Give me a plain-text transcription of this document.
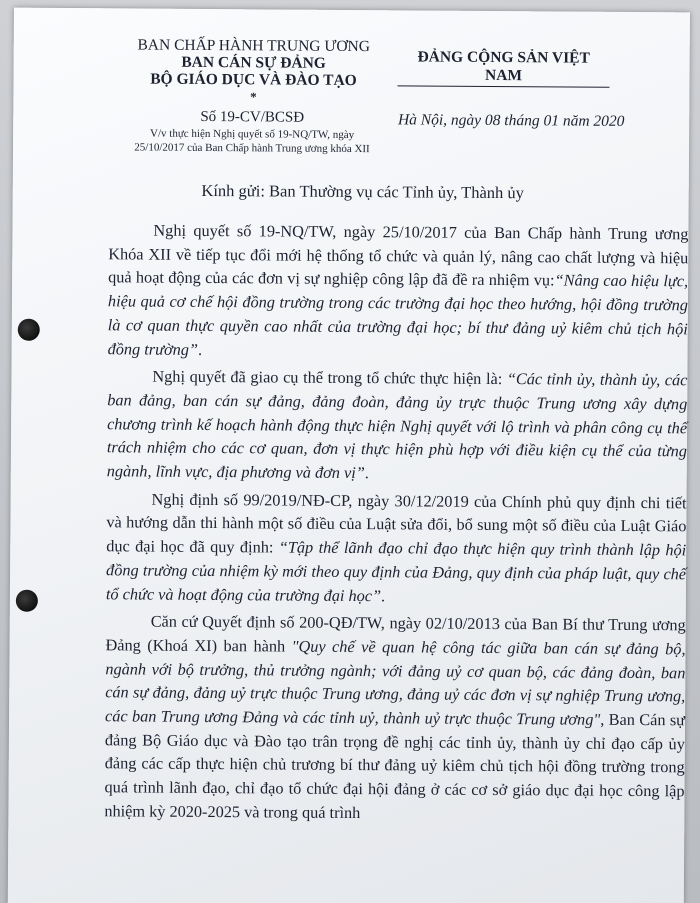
BAN CHẤP HÀNH TRUNG ƯƠNG
BAN CÁN SỰ ĐẢNG
BỘ GIÁO DỤC VÀ ĐÀO TẠO
*
ĐẢNG CỘNG SẢN VIỆT NAM
Số 19-CV/BCSĐ
V/v thực hiện Nghị quyết số 19-NQ/TW, ngày
25/10/2017 của Ban Chấp hành Trung ương khóa XII
Hà Nội, ngày 08 tháng 01 năm 2020
Kính gửi: Ban Thường vụ các Tỉnh ủy, Thành ủy

Nghị quyết số 19-NQ/TW, ngày 25/10/2017 của Ban Chấp hành Trung ương Khóa XII về tiếp tục đổi mới hệ thống tổ chức và quản lý, nâng cao chất lượng và hiệu quả hoạt động của các đơn vị sự nghiệp công lập đã đề ra nhiệm vụ:“Nâng cao hiệu lực, hiệu quả cơ chế hội đồng trường trong các trường đại học theo hướng, hội đồng trường là cơ quan thực quyền cao nhất của trường đại học; bí thư đảng uỷ kiêm chủ tịch hội đồng trường”.

Nghị quyết đã giao cụ thể trong tổ chức thực hiện là: “Các tỉnh ủy, thành ủy, các ban đảng, ban cán sự đảng, đảng đoàn, đảng ủy trực thuộc Trung ương xây dựng chương trình kế hoạch hành động thực hiện Nghị quyết với lộ trình và phân công cụ thể trách nhiệm cho các cơ quan, đơn vị thực hiện phù hợp với điều kiện cụ thể của từng ngành, lĩnh vực, địa phương và đơn vị”.

Nghị định số 99/2019/NĐ-CP, ngày 30/12/2019 của Chính phủ quy định chi tiết và hướng dẫn thi hành một số điều của Luật sửa đổi, bổ sung một số điều của Luật Giáo dục đại học đã quy định: “Tập thể lãnh đạo chỉ đạo thực hiện quy trình thành lập hội đồng trường của nhiệm kỳ mới theo quy định của Đảng, quy định của pháp luật, quy chế tổ chức và hoạt động của trường đại học”.

Căn cứ Quyết định số 200-QĐ/TW, ngày 02/10/2013 của Ban Bí thư Trung ương Đảng (Khoá XI) ban hành "Quy chế về quan hệ công tác giữa ban cán sự đảng bộ, ngành với bộ trưởng, thủ trưởng ngành; với đảng uỷ cơ quan bộ, các đảng đoàn, ban cán sự đảng, đảng uỷ trực thuộc Trung ương, đảng uỷ các đơn vị sự nghiệp Trung ương, các ban Trung ương Đảng và các tỉnh uỷ, thành uỷ trực thuộc Trung ương", Ban Cán sự đảng Bộ Giáo dục và Đào tạo trân trọng đề nghị các tỉnh ủy, thành ủy chỉ đạo cấp ủy đảng các cấp thực hiện chủ trương bí thư đảng uỷ kiêm chủ tịch hội đồng trường trong quá trình lãnh đạo, chỉ đạo tổ chức đại hội đảng ở các cơ sở giáo dục đại học công lập nhiệm kỳ 2020-2025 và trong quá trình
